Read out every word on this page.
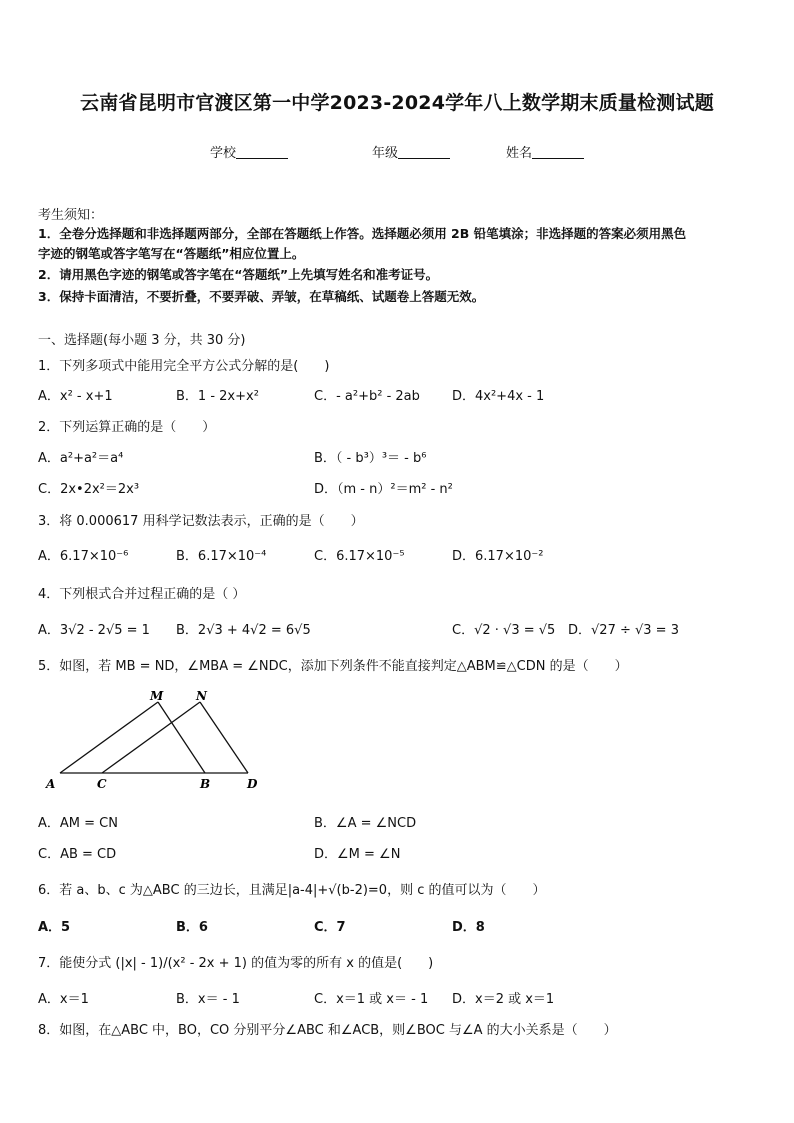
云南省昆明市官渡区第一中学2023-2024学年八上数学期末质量检测试题
学校	年级	姓名
考生须知：
1．全卷分选择题和非选择题两部分，全部在答题纸上作答。选择题必须用 2B 铅笔填涂；非选择题的答案必须用黑色
字迹的钢笔或答字笔写在“答题纸”相应位置上。
2．请用黑色字迹的钢笔或答字笔在“答题纸”上先填写姓名和准考证号。
3．保持卡面清洁，不要折叠，不要弄破、弄皱，在草稿纸、试题卷上答题无效。
一、选择题(每小题 3 分，共 30 分)
1．下列多项式中能用完全平方公式分解的是(　　)
A．x² - x+1	B．1 - 2x+x²	C．- a²+b² - 2ab D．4x²+4x - 1
2．下列运算正确的是（　　）
A．a²+a²＝a⁴	B．（ - b³）³＝ - b⁶
C．2x•2x²＝2x³	D．（m - n）²＝m² - n²
3．将 0.000617 用科学记数法表示，正确的是（　　）
A．6.17×10⁻⁶	B．6.17×10⁻⁴	C．6.17×10⁻⁵	D．6.17×10⁻²
4．下列根式合并过程正确的是（ ）
A．3√2 - 2√5 = 1 B．2√3 + 4√2 = 6√5	C．√2 · √3 = √5 D．√27 ÷ √3 = 3
5．如图，若 MB = ND，∠MBA = ∠NDC，添加下列条件不能直接判定△ABM≌△CDN 的是（　　）
M	N
A	C	B	D
A．AM = CN	B．∠A = ∠NCD
C．AB = CD	D．∠M = ∠N
6．若 a、b、c 为△ABC 的三边长，且满足|a-4|+√(b-2)=0，则 c 的值可以为（　　）
A．5	B．6	C．7	D．8
7．能使分式 (|x| - 1)/(x² - 2x + 1) 的值为零的所有 x 的值是(　　)
A．x＝1	B．x＝ - 1	C．x＝1 或 x＝ - 1 D．x＝2 或 x＝1
8．如图，在△ABC 中，BO，CO 分别平分∠ABC 和∠ACB，则∠BOC 与∠A 的大小关系是（　　）
